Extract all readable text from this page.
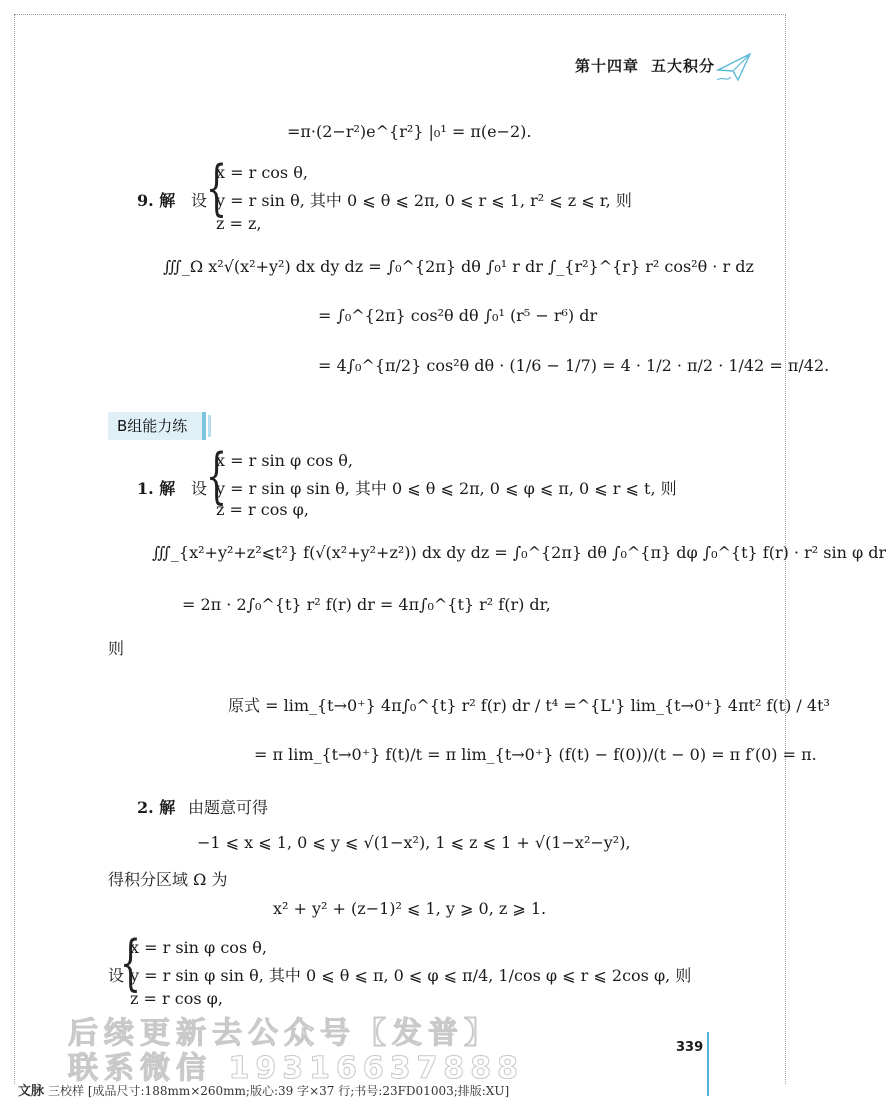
第十四章 五大积分
=π·(2−r²)e^{r²} |₀¹ = π(e−2).
9. 解 设
{
x = r cos θ,
y = r sin θ, 其中 0 ⩽ θ ⩽ 2π, 0 ⩽ r ⩽ 1, r² ⩽ z ⩽ r, 则
z = z,
∭_Ω x²√(x²+y²) dx dy dz = ∫₀^{2π} dθ ∫₀¹ r dr ∫_{r²}^{r} r² cos²θ · r dz
= ∫₀^{2π} cos²θ dθ ∫₀¹ (r⁵ − r⁶) dr
= 4∫₀^{π/2} cos²θ dθ · (1/6 − 1/7) = 4 · 1/2 · π/2 · 1/42 = π/42.
B组能力练
1. 解 设
{
x = r sin φ cos θ,
y = r sin φ sin θ, 其中 0 ⩽ θ ⩽ 2π, 0 ⩽ φ ⩽ π, 0 ⩽ r ⩽ t, 则
z = r cos φ,
∭_{x²+y²+z²⩽t²} f(√(x²+y²+z²)) dx dy dz = ∫₀^{2π} dθ ∫₀^{π} dφ ∫₀^{t} f(r) · r² sin φ dr
= 2π · 2∫₀^{t} r² f(r) dr = 4π∫₀^{t} r² f(r) dr,
则
原式 = lim_{t→0⁺} 4π∫₀^{t} r² f(r) dr / t⁴ =^{L'} lim_{t→0⁺} 4πt² f(t) / 4t³
= π lim_{t→0⁺} f(t)/t = π lim_{t→0⁺} (f(t) − f(0))/(t − 0) = π f′(0) = π.
2. 解 由题意可得
−1 ⩽ x ⩽ 1, 0 ⩽ y ⩽ √(1−x²), 1 ⩽ z ⩽ 1 + √(1−x²−y²),
得积分区域 Ω 为
x² + y² + (z−1)² ⩽ 1, y ⩾ 0, z ⩾ 1.
设
{
x = r sin φ cos θ,
y = r sin φ sin θ, 其中 0 ⩽ θ ⩽ π, 0 ⩽ φ ⩽ π/4, 1/cos φ ⩽ r ⩽ 2cos φ, 则
z = r cos φ,
后续更新去公众号【发普】
联系微信 19316637888
339
文脉 三校样 [成品尺寸:188mm×260mm;版心:39 字×37 行;书号:23FD01003;排版:XU]
